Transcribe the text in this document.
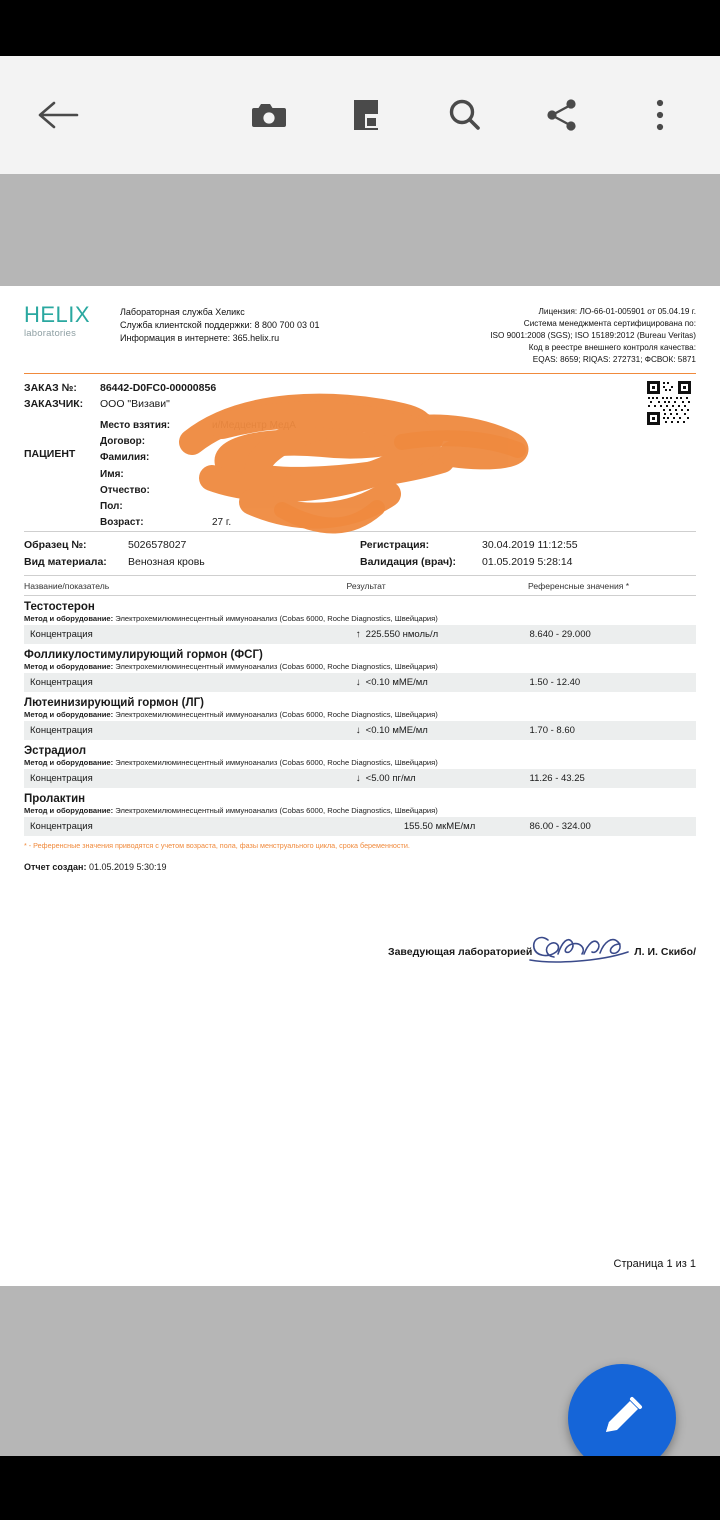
HELIX
laboratories
Лабораторная служба Хеликс
Служба клиентской поддержки: 8 800 700 03 01
Информация в интернете: 365.helix.ru
Лицензия: ЛО-66-01-005901 от 05.04.19 г.
Система менеджмента сертифицирована по:
ISO 9001:2008 (SGS); ISO 15189:2012 (Bureau Veritas)
Код в реестре внешнего контроля качества:
EQAS: 8659; RIQAS: 272731; ФСВОК: 5871
ЗАКАЗ №:	86442-D0FC0-00000856
ЗАКАЗЧИК:	ООО "Визави"
ПАЦИЕНТ
Место взятия:	и/Медцентр МедА
Договор:
Фамилия:
Имя:
Отчество:
Пол:
Возраст:	27 г.
Образец №:	5026578027
Вид материала: Венозная кровь
Регистрация:	30.04.2019 11:12:55
Валидация (врач): 01.05.2019 5:28:14
Название/показатель	Результат	Референсные значения *
Тестостерон
Метод и оборудование: Электрохемилюминесцентный иммуноанализ (Cobas 6000, Roche Diagnostics, Швейцария)
Концентрация	↑ 225.550 нмоль/л	8.640 - 29.000
Фолликулостимулирующий гормон (ФСГ)
Метод и оборудование: Электрохемилюминесцентный иммуноанализ (Cobas 6000, Roche Diagnostics, Швейцария)
Концентрация	↓ <0.10 мМЕ/мл	1.50 - 12.40
Лютеинизирующий гормон (ЛГ)
Метод и оборудование: Электрохемилюминесцентный иммуноанализ (Cobas 6000, Roche Diagnostics, Швейцария)
Концентрация	↓ <0.10 мМЕ/мл	1.70 - 8.60
Эстрадиол
Метод и оборудование: Электрохемилюминесцентный иммуноанализ (Cobas 6000, Roche Diagnostics, Швейцария)
Концентрация	↓ <5.00 пг/мл	11.26 - 43.25
Пролактин
Метод и оборудование: Электрохемилюминесцентный иммуноанализ (Cobas 6000, Roche Diagnostics, Швейцария)
Концентрация	155.50 мкМЕ/мл	86.00 - 324.00
* - Референсные значения приводятся с учетом возраста, пола, фазы менструального цикла, срока беременности.
Отчет создан: 01.05.2019 5:30:19
Заведующая лабораторией	Л. И. Скибо/
Страница 1 из 1
